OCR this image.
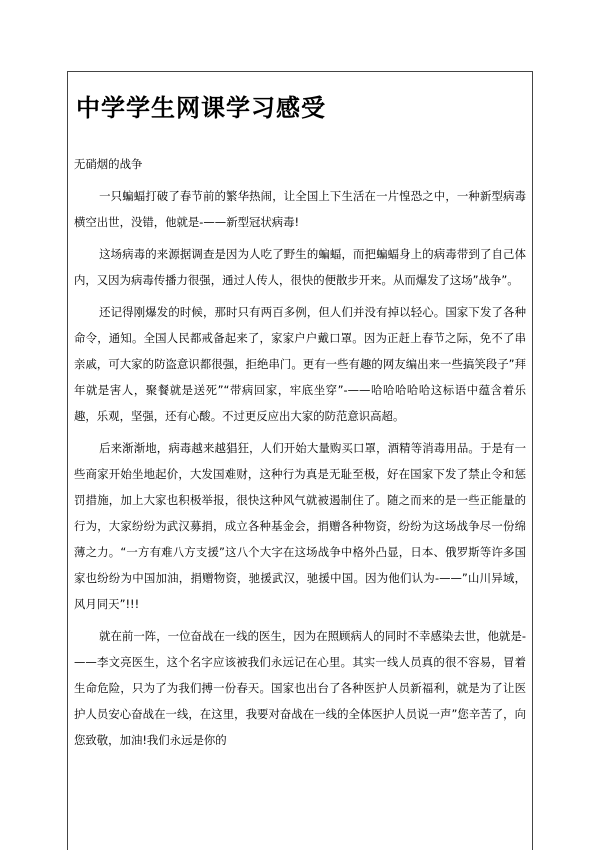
中学学生网课学习感受

无硝烟的战争

一只蝙蝠打破了春节前的繁华热闹，让全国上下生活在一片惶恐之中，一种新型病毒横空出世，没错，他就是-——新型冠状病毒!

这场病毒的来源据调查是因为人吃了野生的蝙蝠，而把蝙蝠身上的病毒带到了自己体内，又因为病毒传播力很强，通过人传人，很快的便散步开来。从而爆发了这场”战争”。

还记得刚爆发的时候，那时只有两百多例，但人们并没有掉以轻心。国家下发了各种命令，通知。全国人民都戒备起来了，家家户户戴口罩。因为正赶上春节之际，免不了串亲戚，可大家的防盗意识都很强，拒绝串门。更有一些有趣的网友编出来一些搞笑段子”拜年就是害人，聚餐就是送死”“带病回家，牢底坐穿”-——哈哈哈哈哈这标语中蕴含着乐趣，乐观，坚强，还有心酸。不过更反应出大家的防范意识高超。

后来渐渐地，病毒越来越猖狂，人们开始大量购买口罩，酒精等消毒用品。于是有一些商家开始坐地起价，大发国难财，这种行为真是无耻至极，好在国家下发了禁止令和惩罚措施，加上大家也积极举报，很快这种风气就被遏制住了。随之而来的是一些正能量的行为，大家纷纷为武汉募捐，成立各种基金会，捐赠各种物资，纷纷为这场战争尽一份绵薄之力。“一方有难八方支援”这八个大字在这场战争中格外凸显，日本、俄罗斯等许多国家也纷纷为中国加油，捐赠物资，驰援武汉，驰援中国。因为他们认为-——”山川异域，风月同天”!!!

就在前一阵，一位奋战在一线的医生，因为在照顾病人的同时不幸感染去世，他就是-——李文亮医生，这个名字应该被我们永远记在心里。其实一线人员真的很不容易，冒着生命危险，只为了为我们搏一份春天。国家也出台了各种医护人员新福利，就是为了让医护人员安心奋战在一线，在这里，我要对奋战在一线的全体医护人员说一声”您辛苦了，向您致敬，加油!我们永远是你的
